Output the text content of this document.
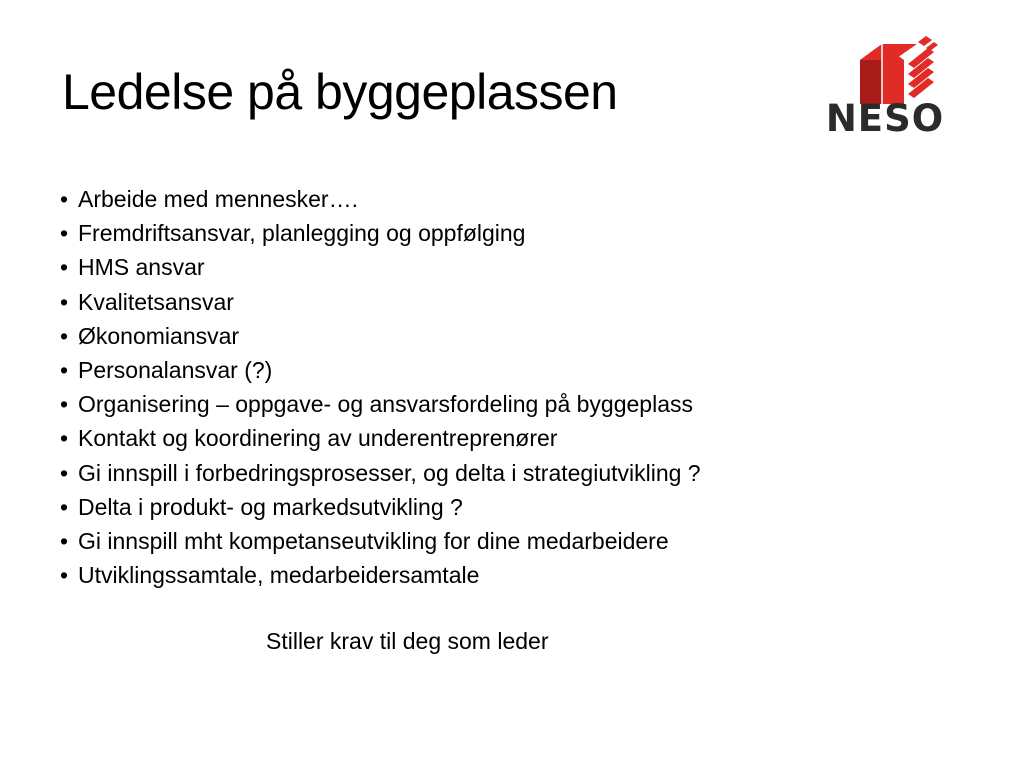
Ledelse på byggeplassen	NESO
• Arbeide med mennesker….
• Fremdriftsansvar, planlegging og oppfølging
• HMS ansvar
• Kvalitetsansvar
• Økonomiansvar
• Personalansvar (?)
• Organisering – oppgave- og ansvarsfordeling på byggeplass
• Kontakt og koordinering av underentreprenører
• Gi innspill i forbedringsprosesser, og delta i strategiutvikling ?
• Delta i produkt- og markedsutvikling ?
• Gi innspill mht kompetanseutvikling for dine medarbeidere
• Utviklingssamtale, medarbeidersamtale
Stiller krav til deg som leder
